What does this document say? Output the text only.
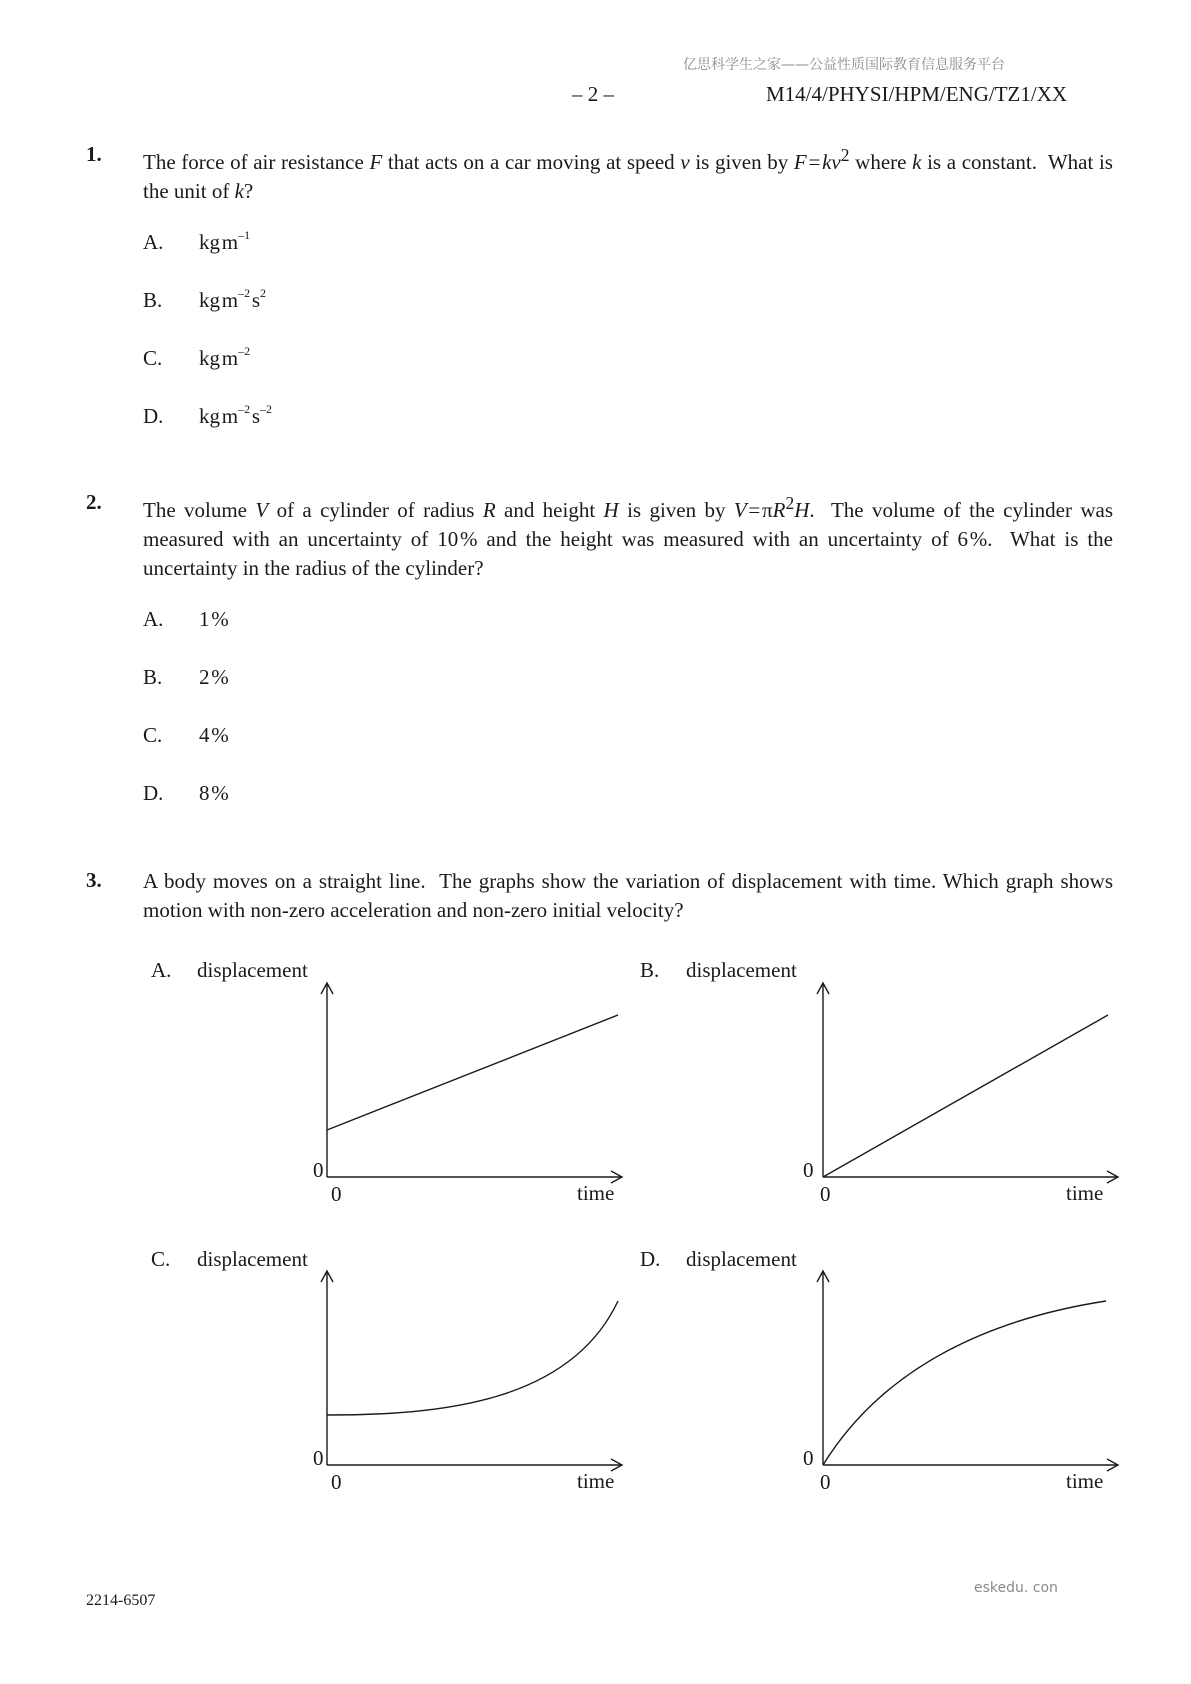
亿思科学生之家——公益性质国际教育信息服务平台
– 2 –	M14/4/PHYSI/HPM/ENG/TZ1/XX
1. The force of air resistance F that acts on a car moving at speed v is given by F = $kv^2$ where k is a constant.  What is the unit of k?
A. kg $m^{-1}$
B. kg $m^{-2}$ $s^2$
C. kg $m^{-2}$
D. kg $m^{-2}$ $s^{-2}$
2. The volume V of a cylinder of radius R and height H is given by V = $\pi R^2H$.  The volume of the cylinder was measured with an uncertainty of 10 % and the height was measured with an uncertainty of 6 %.  What is the uncertainty in the radius of the cylinder?
A. 1 %
B. 2 %
C. 4 %
D. 8 %
3. A body moves on a straight line.  The graphs show the variation of displacement with time. Which graph shows motion with non-zero acceleration and non-zero initial velocity?
A. displacement
0
0	time
B. displacement
0
0	time
C. displacement
0
0	time
D. displacement
0
0	time
2214-6507
eskedu. con
